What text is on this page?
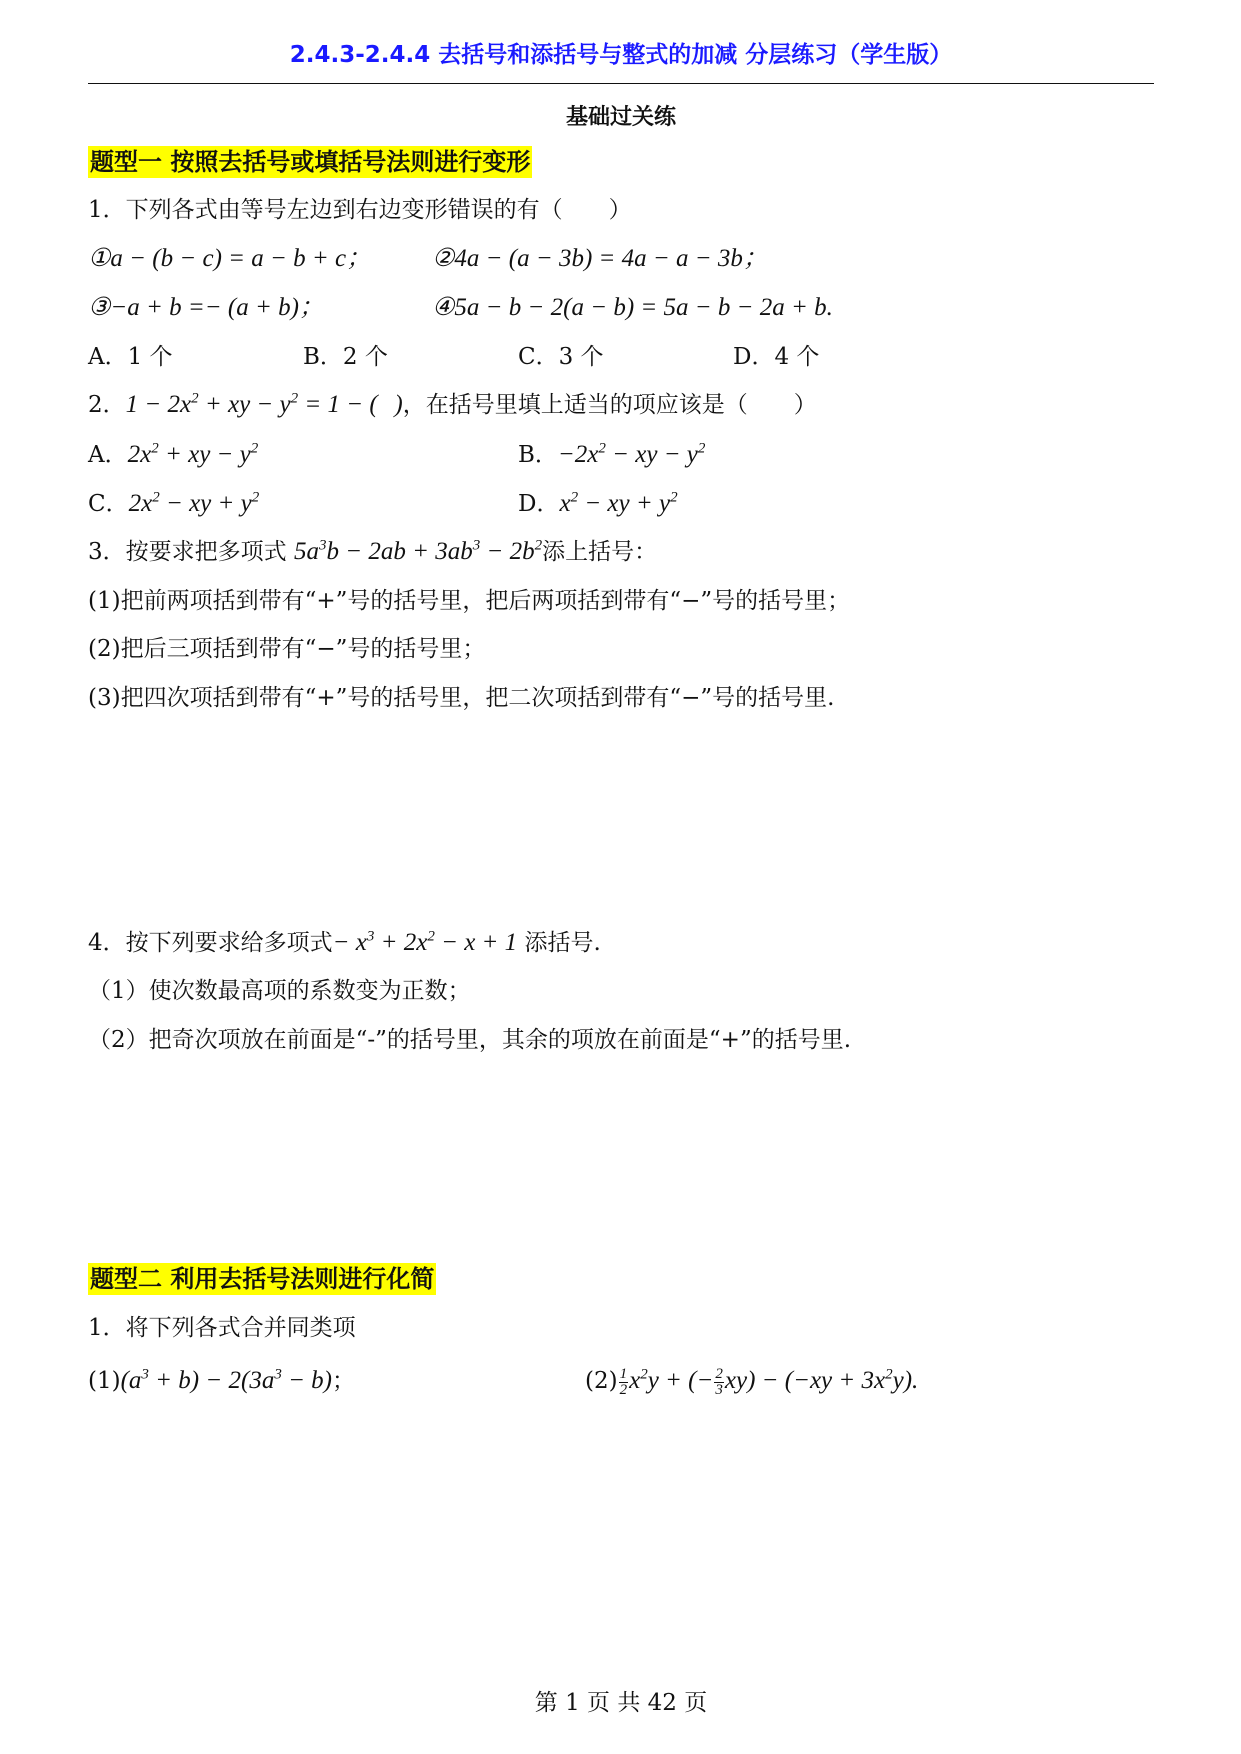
2.4.3-2.4.4 去括号和添括号与整式的加减 分层练习（学生版）
基础过关练
题型一 按照去括号或填括号法则进行变形
1．下列各式由等号左边到右边变形错误的有（　　）
①a − (b − c) = a − b + c； ②4a − (a − 3b) = 4a − a − 3b；
③−a + b =− (a + b)；	④5a − b − 2(a − b) = 5a − b − 2a + b.
A．1 个	B．2 个	C．3 个	D．4 个
2．$1 - 2x^2$ + xy − $y^2 = 1$ − (    )，在括号里填上适当的项应该是（　　）
A．$2x^2$ + xy − $y^2$	B．$-2x^2$ − xy − $y^2$
C．$2x^2$ − xy + $y^2$	D．$x^2$ − xy + $y^2$
3．按要求把多项式 $5a^3b - 2ab + 3ab^3 - 2b^2$添上括号：
(1)把前两项括到带有“+”号的括号里，把后两项括到带有“−”号的括号里；
(2)把后三项括到带有“−”号的括号里；
(3)把四次项括到带有“+”号的括号里，把二次项括到带有“−”号的括号里.
4．按下列要求给多项式− $x^3 + 2x^2 - x + 1$ 添括号.
（1）使次数最高项的系数变为正数；
（2）把奇次项放在前面是“-”的括号里，其余的项放在前面是“+”的括号里.
题型二 利用去括号法则进行化简
1．将下列各式合并同类项
$(1)(a^3 + b) - 2(3a^3 - b)$；	$(2) \frac{1}{2} x^2y$ + (− $\frac{2}{3} xy) - (-xy + 3x^2y)$.
第 1 页 共 42 页
